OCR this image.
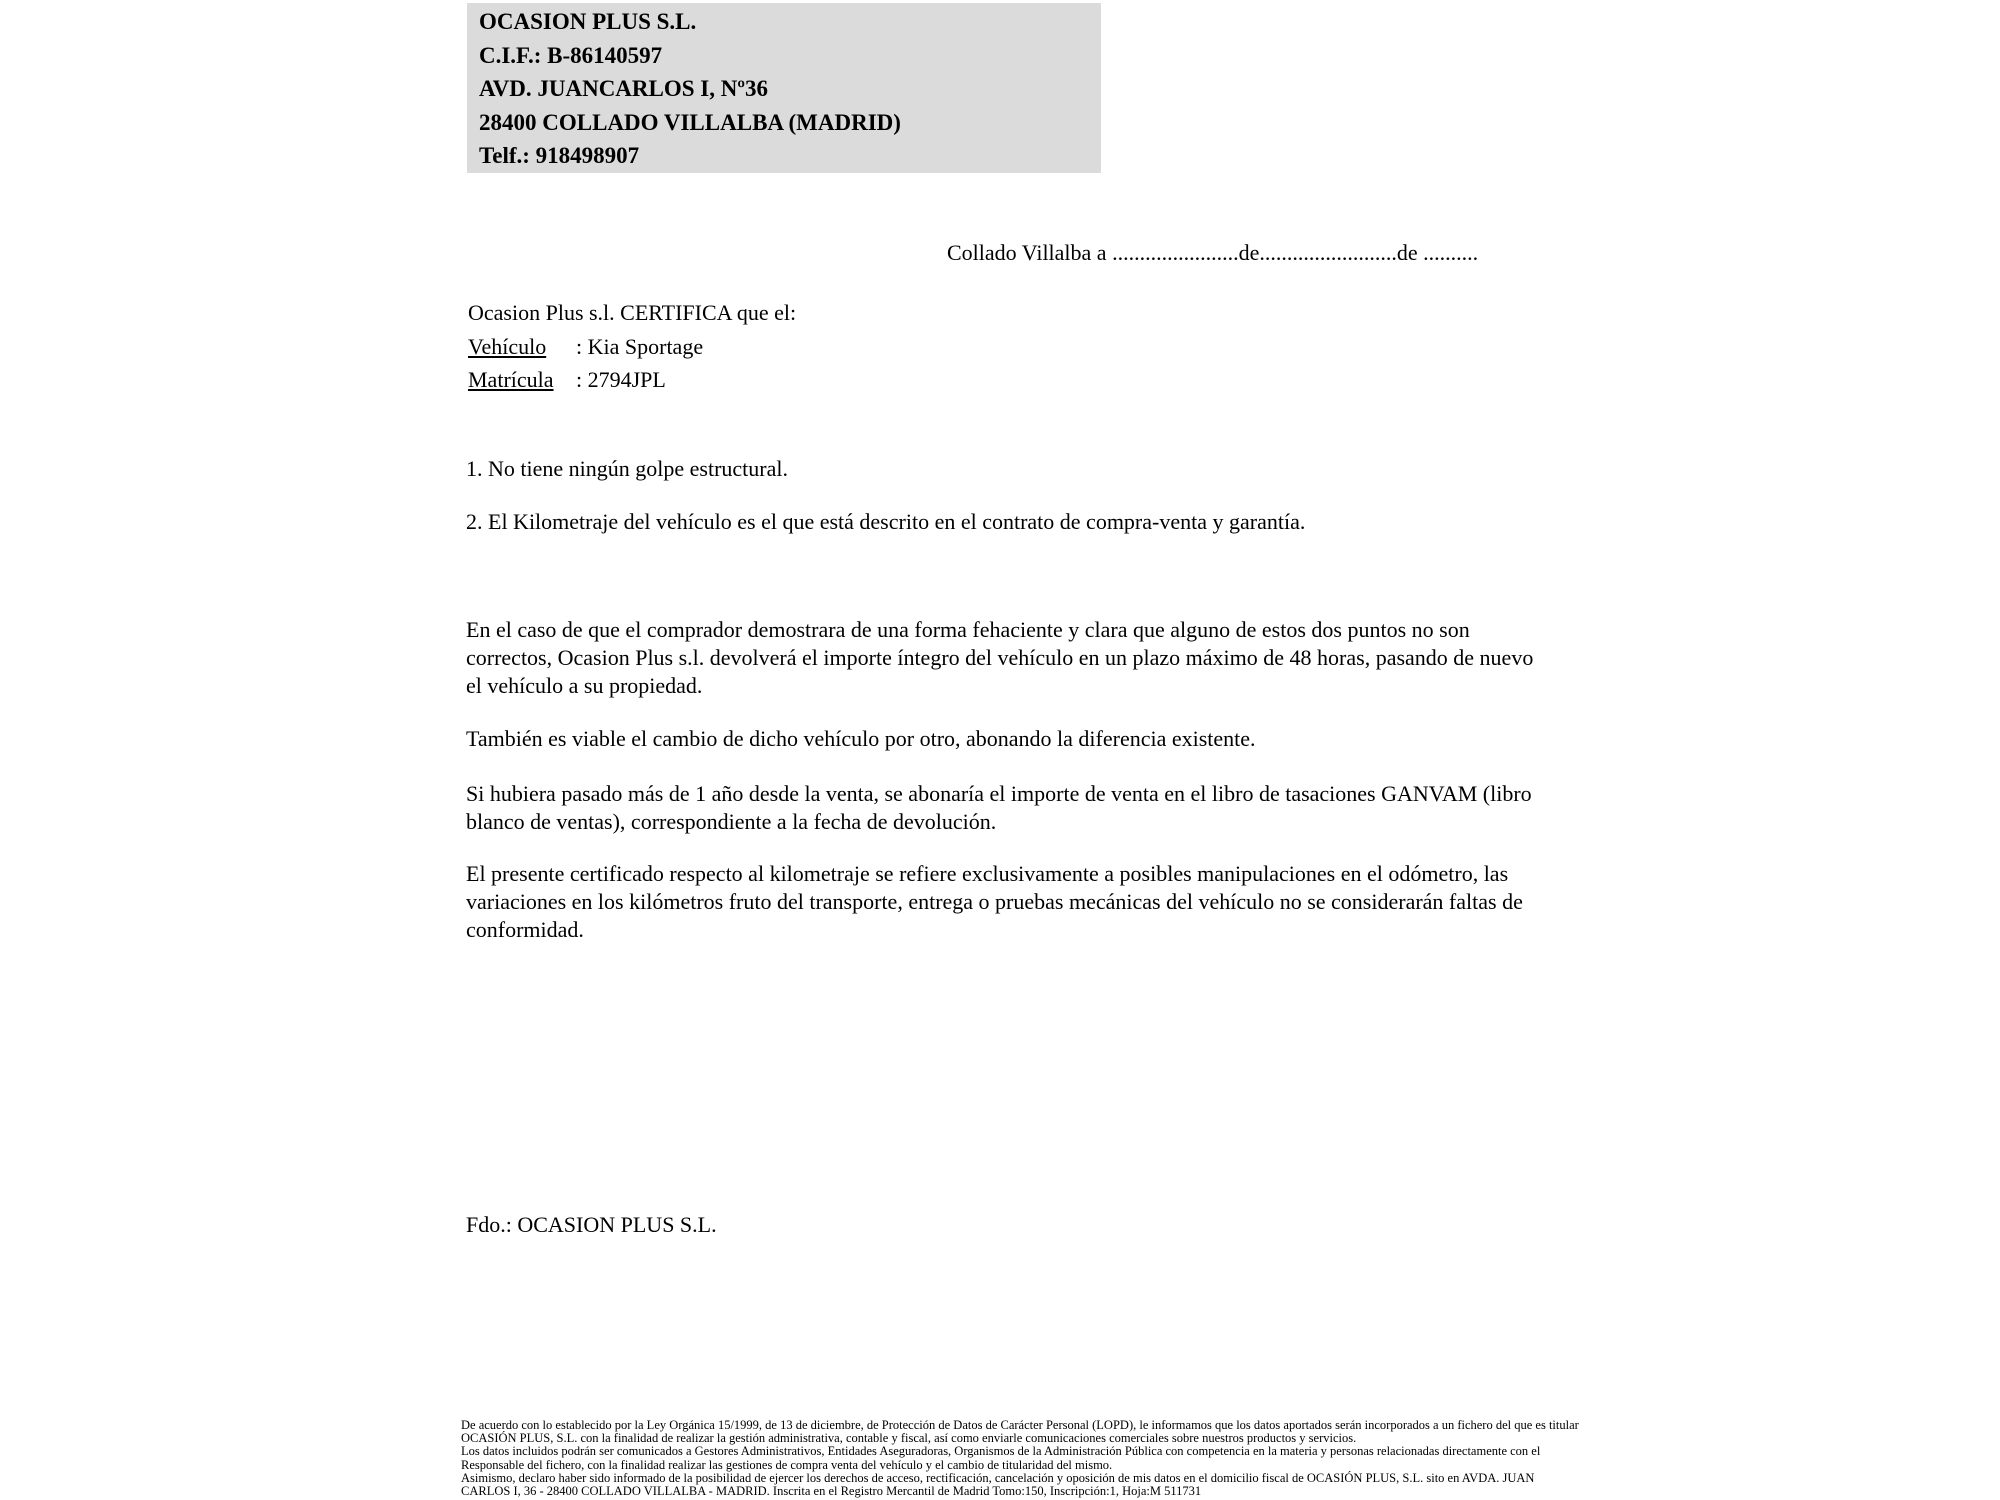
OCASION PLUS S.L.
C.I.F.: B-86140597
AVD. JUANCARLOS I, Nº36
28400 COLLADO VILLALBA (MADRID)
Telf.: 918498907
Collado Villalba a .......................de.........................de ..........
Ocasion Plus s.l. CERTIFICA que el:
Vehículo : Kia Sportage
Matrícula : 2794JPL
1. No tiene ningún golpe estructural.
2. El Kilometraje del vehículo es el que está descrito en el contrato de compra-venta y garantía.
En el caso de que el comprador demostrara de una forma fehaciente y clara que alguno de estos dos puntos no son correctos, Ocasion Plus s.l. devolverá el importe íntegro del vehículo en un plazo máximo de 48 horas, pasando de nuevo el vehículo a su propiedad.
También es viable el cambio de dicho vehículo por otro, abonando la diferencia existente.
Si hubiera pasado más de 1 año desde la venta, se abonaría el importe de venta en el libro de tasaciones GANVAM (libro blanco de ventas), correspondiente a la fecha de devolución.
El presente certificado respecto al kilometraje se refiere exclusivamente a posibles manipulaciones en el odómetro, las variaciones en los kilómetros fruto del transporte, entrega o pruebas mecánicas del vehículo no se considerarán faltas de conformidad.
Fdo.: OCASION PLUS S.L.
De acuerdo con lo establecido por la Ley Orgánica 15/1999, de 13 de diciembre, de Protección de Datos de Carácter Personal (LOPD), le informamos que los datos aportados serán incorporados a un fichero del que es titular
OCASIÓN PLUS, S.L. con la finalidad de realizar la gestión administrativa, contable y fiscal, así como enviarle comunicaciones comerciales sobre nuestros productos y servicios.
Los datos incluidos podrán ser comunicados a Gestores Administrativos, Entidades Aseguradoras, Organismos de la Administración Pública con competencia en la materia y personas relacionadas directamente con el
Responsable del fichero, con la finalidad realizar las gestiones de compra venta del vehículo y el cambio de titularidad del mismo.
Asimismo, declaro haber sido informado de la posibilidad de ejercer los derechos de acceso, rectificación, cancelación y oposición de mis datos en el domicilio fiscal de OCASIÓN PLUS, S.L. sito en AVDA. JUAN
CARLOS I, 36 - 28400 COLLADO VILLALBA - MADRID. Inscrita en el Registro Mercantil de Madrid Tomo:150, Inscripción:1, Hoja:M 511731
